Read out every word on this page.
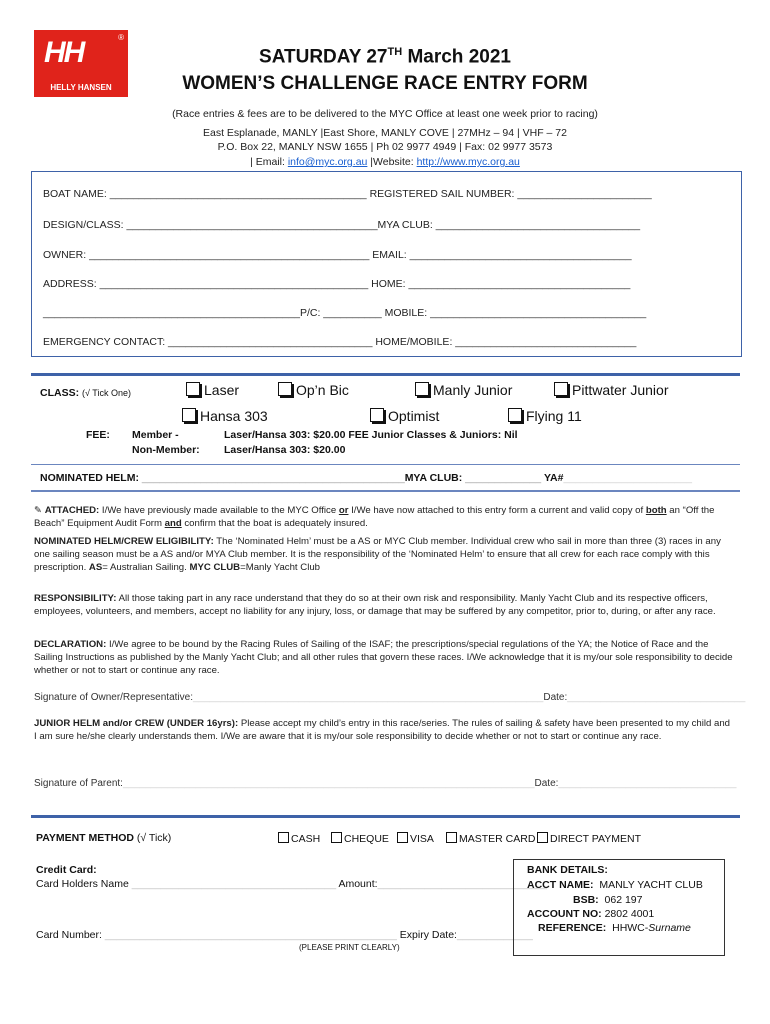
HH	®
HELLY HANSEN
SATURDAY 27TH March 2021
WOMEN’S CHALLENGE RACE ENTRY FORM
(Race entries & fees are to be delivered to the MYC Office at least one week prior to racing)
East Esplanade, MANLY |East Shore, MANLY COVE | 27MHz – 94 | VHF – 72
P.O. Box 22, MANLY NSW 1655 | Ph 02 9977 4949 | Fax: 02 9977 3573
| Email: info@myc.org.au |Website: http://www.myc.org.au
BOAT NAME: ____________________________________________ REGISTERED SAIL NUMBER: _______________________
DESIGN/CLASS: ___________________________________________MYA CLUB: ___________________________________
OWNER: ________________________________________________ EMAIL: ______________________________________
ADDRESS: ______________________________________________ HOME: ______________________________________
____________________________________________P/C: __________ MOBILE: _____________________________________
EMERGENCY CONTACT: ___________________________________ HOME/MOBILE: _______________________________
CLASS: (√ Tick One)	Laser	Op’n Bic	Manly Junior	Pittwater Junior
Hansa 303	Optimist	Flying 11
FEE: Member -	Laser/Hansa 303: $20.00 FEE Junior Classes & Juniors: Nil
Non-Member: Laser/Hansa 303: $20.00
NOMINATED HELM: _____________________________________________MYA CLUB: _____________ YA#______________________
✎ ATTACHED: I/We have previously made available to the MYC Office or I/We have now attached to this entry form a current and valid copy of both an “Off the Beach” Equipment Audit Form and confirm that the boat is adequately insured.
NOMINATED HELM/CREW ELIGIBILITY: The ‘Nominated Helm’ must be a AS or MYC Club member. Individual crew who sail in more than three (3) races in any one sailing season must be a AS and/or MYA Club member. It is the responsibility of the ‘Nominated Helm’ to ensure that all crew for each race comply with this prescription. AS= Australian Sailing. MYC CLUB=Manly Yacht Club
RESPONSIBILITY: All those taking part in any race understand that they do so at their own risk and responsibility. Manly Yacht Club and its respective officers, employees, volunteers, and members, accept no liability for any injury, loss, or damage that may be suffered by any competitor, prior to, during, or after any race.
DECLARATION: I/We agree to be bound by the Racing Rules of Sailing of the ISAF; the prescriptions/special regulations of the YA; the Notice of Race and the Sailing Instructions as published by the Manly Yacht Club; and all other rules that govern these races. I/We acknowledge that it is my/our sole responsibility to decide whether or not to start or continue any race.
Signature of Owner/Representative:_______________________________________________________________Date:________________________________
JUNIOR HELM and/or CREW (UNDER 16yrs): Please accept my child’s entry in this race/series. The rules of sailing & safety have been presented to my child and I am sure he/she clearly understands them. I/We are aware that it is my/our sole responsibility to decide whether or not to start or continue any race.
Signature of Parent:__________________________________________________________________________Date:________________________________
PAYMENT METHOD (√ Tick)	CASH	CHEQUE	VISA	MASTER CARD	DIRECT PAYMENT
Credit Card:
Card Holders Name ___________________________________ Amount:_____________________________
Card Number: __________________________________________________ Expiry Date:_____________
(PLEASE PRINT CLEARLY)
BANK DETAILS:
ACCT NAME: MANLY YACHT CLUB
BSB: 062 197
ACCOUNT NO: 2802 4001
REFERENCE: HHWC-Surname
